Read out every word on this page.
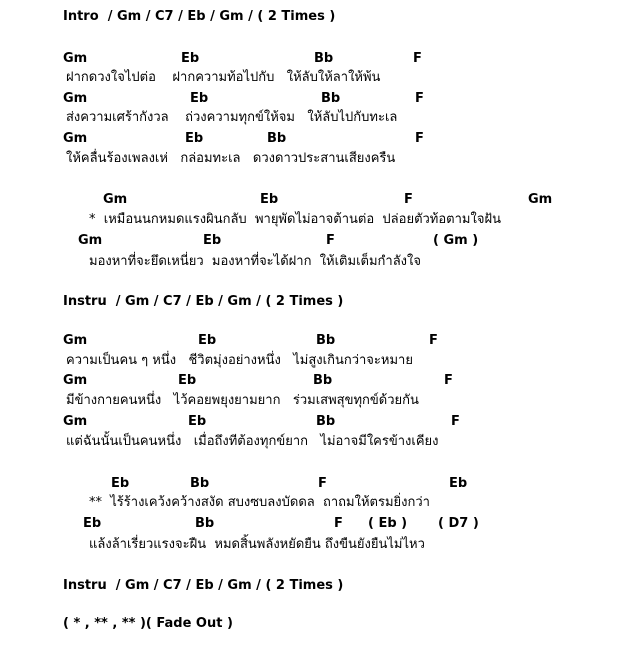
Intro  / Gm / C7 / Eb / Gm / ( 2 Times )
Gm	Eb	Bb	F
ฝากดวงใจไปต่อ    ฝากความท้อไปกับ   ให้ลับให้ลาให้พ้น
Gm	Eb	Bb	F
ส่งความเศร้ากังวล    ถ่วงความทุกข์ให้จม   ให้ลับไปกับทะเล
Gm	Eb	Bb	F
ให้คลื่นร้องเพลงเห่   กล่อมทะเล   ดวงดาวประสานเสียงครืน
Gm	Eb	F	Gm
*  เหมือนนกหมดแรงผินกลับ  พายุพัดไม่อาจต้านต่อ  ปล่อยตัวท้อตามใจฝัน
Gm	Eb	F	( Gm )
มองหาที่จะยึดเหนี่ยว  มองหาที่จะได้ฝาก  ให้เติมเต็มกำลังใจ
Instru  / Gm / C7 / Eb / Gm / ( 2 Times )
Gm	Eb	Bb	F
ความเป็นคน ๆ หนึ่ง   ชีวิตมุ่งอย่างหนึ่ง   ไม่สูงเกินกว่าจะหมาย
Gm	Eb	Bb	F
มีข้างกายคนหนึ่ง   ไว้คอยพยุงยามยาก   ร่วมเสพสุขทุกข์ด้วยกัน
Gm	Eb	Bb	F
แต่ฉันนั้นเป็นคนหนึ่ง   เมื่อถึงทีต้องทุกข์ยาก   ไม่อาจมีใครข้างเคียง
Eb	Bb	F	Eb
**  ไร้ร้างเคว้งคว้างสงัด สบงซบลงบัดดล  ถาถมให้ตรมยิ่งกว่า
Eb	Bb	F ( Eb ) ( D7 )
แล้งล้าเรี่ยวแรงจะฝืน  หมดสิ้นพลังหยัดยืน ถึงขืนยังยืนไม่ไหว
Instru  / Gm / C7 / Eb / Gm / ( 2 Times )
( * , ** , ** )( Fade Out )
